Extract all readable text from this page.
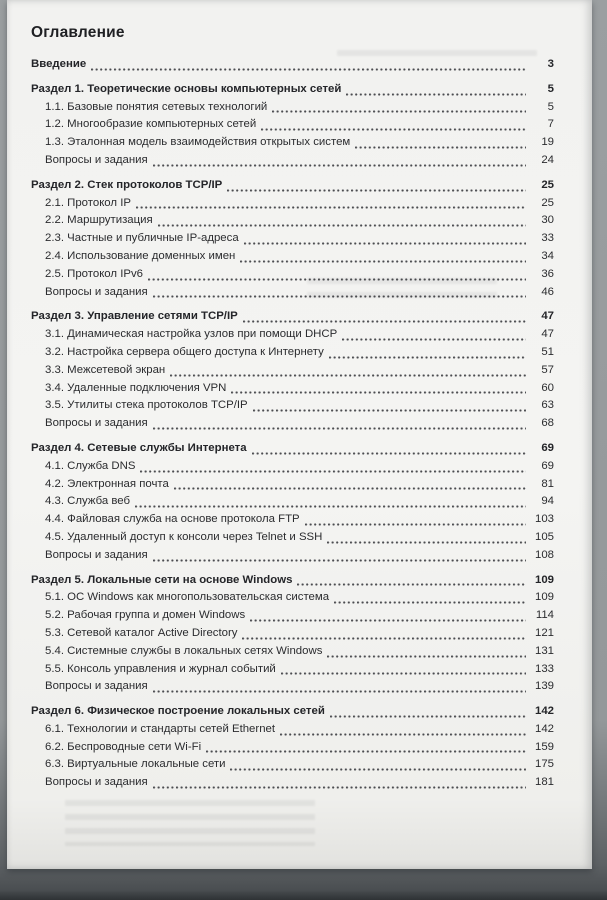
Оглавление
Введение	3
Раздел 1. Теоретические основы компьютерных сетей	5
1.1. Базовые понятия сетевых технологий	5
1.2. Многообразие компьютерных сетей	7
1.3. Эталонная модель взаимодействия открытых систем	19
Вопросы и задания	24
Раздел 2. Стек протоколов TCP/IP	25
2.1. Протокол IP	25
2.2. Маршрутизация	30
2.3. Частные и публичные IP-адреса	33
2.4. Использование доменных имен	34
2.5. Протокол IPv6	36
Вопросы и задания	46
Раздел 3. Управление сетями TCP/IP	47
3.1. Динамическая настройка узлов при помощи DHCP	47
3.2. Настройка сервера общего доступа к Интернету	51
3.3. Межсетевой экран	57
3.4. Удаленные подключения VPN	60
3.5. Утилиты стека протоколов TCP/IP	63
Вопросы и задания	68
Раздел 4. Сетевые службы Интернета	69
4.1. Служба DNS	69
4.2. Электронная почта	81
4.3. Служба веб	94
4.4. Файловая служба на основе протокола FTP	103
4.5. Удаленный доступ к консоли через Telnet и SSH	105
Вопросы и задания	108
Раздел 5. Локальные сети на основе Windows	109
5.1. ОС Windows как многопользовательская система	109
5.2. Рабочая группа и домен Windows	114
5.3. Сетевой каталог Active Directory	121
5.4. Системные службы в локальных сетях Windows	131
5.5. Консоль управления и журнал событий	133
Вопросы и задания	139
Раздел 6. Физическое построение локальных сетей	142
6.1. Технологии и стандарты сетей Ethernet	142
6.2. Беспроводные сети Wi-Fi	159
6.3. Виртуальные локальные сети	175
Вопросы и задания	181
